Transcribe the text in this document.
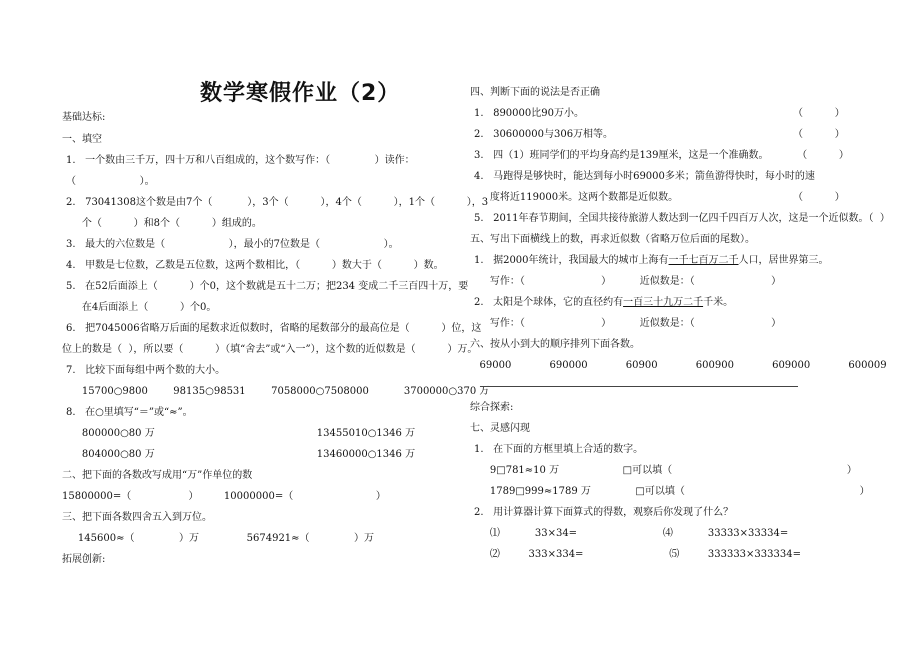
数学寒假作业（2）
基础达标:
一、填空
1.   一个数由三千万，四十万和八百组成的，这个数写作：（              ）读作：
（                    ）。
2.   73041308这个数是由7个（           ），3个（          ），4个（          ），1个（          ），3
个（          ）和8个（          ）组成的。
3.   最大的六位数是（                    ），最小的7位数是（                    ）。
4.   甲数是七位数，乙数是五位数，这两个数相比，（          ）数大于（          ）数。
5.   在52后面添上（          ）个0，这个数就是五十二万；把234 变成二千三百四十万，要
在4后面添上（          ）个0。
6.   把7045006省略万后面的尾数求近似数时，省略的尾数部分的最高位是（          ）位，这
位上的数是（  ），所以要（          ）（填“舍去”或“入一”），这个数的近似数是（          ）万。
7.   比较下面每组中两个数的大小。
15700○9800        98135○98531        7058000○7508000           3700000○370 万
8.   在○里填写“＝”或“≈”。
800000○80 万                                                   13455010○1346 万
804000○80 万                                                   13460000○1346 万
二、把下面的各数改写成用“万”作单位的数
15800000=（                  ）        10000000=（                          ）
三、把下面各数四舍五入到万位。
145600≈（              ）万               5674921≈（              ）万
拓展创新:
四、判断下面的说法是否正确
1.   890000比90万小。	（          ）
2.   30600000与306万相等。	（          ）
3.   四（1）班同学们的平均身高约是139厘米，这是一个准确数。         （          ）
4.   马跑得是够快时，能达到每小时69000多米；箭鱼游得快时，每小时的速
度将近119000米。这两个数都是近似数。	（          ）
5.   2011年春节期间，全国共接待旅游人数达到一亿四千四百万人次，这是一个近似数。（  ）
五、写出下面横线上的数，再求近似数（省略万位后面的尾数）。
1.   据2000年统计，我国最大的城市上海有一千七百万二千人口，居世界第三。
写作：（                        ）         近似数是：（                        ）
2.   太阳是个球体，它的直径约有一百三十九万二千千米。
写作：（                        ）         近似数是：（                        ）
六、按从小到大的顺序排列下面各数。
69000            690000            60900            600900            609000            600009
综合探索:
七、灵感闪现
1.   在下面的方框里填上合适的数字。
9□781≈10 万                    □可以填（                                                       ）
1789□999≈1789 万              □可以填（                                                       ）
2.   用计算器计算下面算式的得数，观察后你发现了什么？
⑴           33×34=                           ⑷           33333×33334=
⑵         333×334=                           ⑸         333333×333334=
